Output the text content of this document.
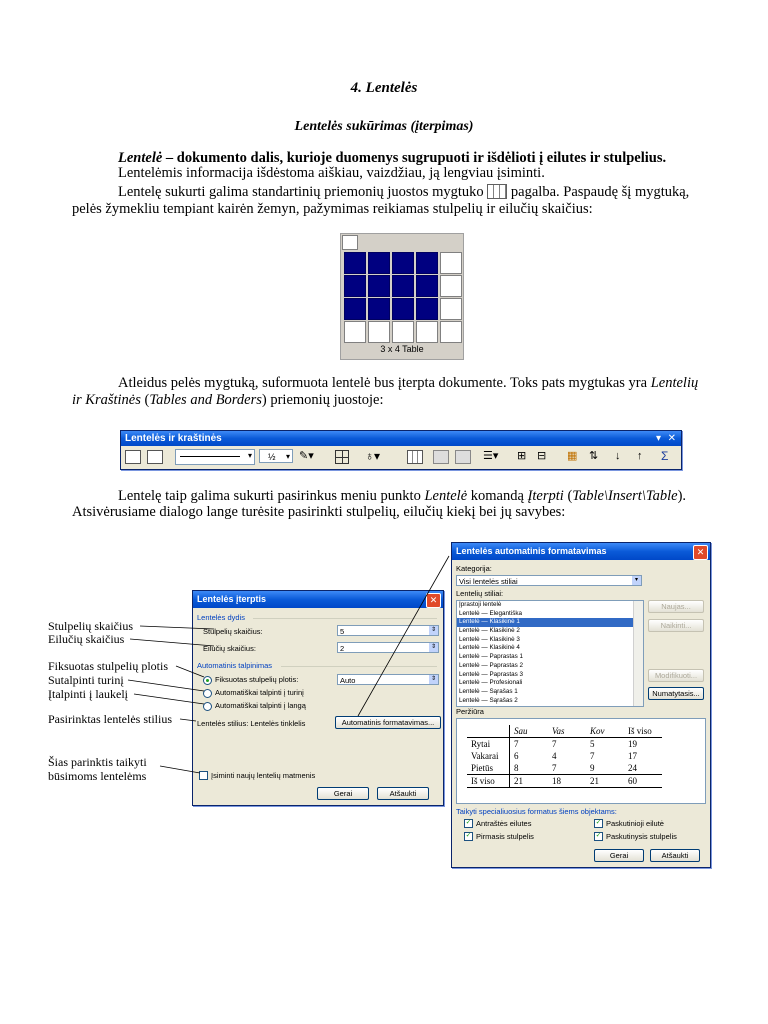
4. Lentelės
Lentelės sukūrimas (įterpimas)
Lentelė – dokumento dalis, kurioje duomenys sugrupuoti ir išdėlioti į eilutes ir stulpelius.
Lentelėmis informacija išdėstoma aiškiau, vaizdžiau, ją lengviau įsiminti.
Lentelę sukurti galima standartinių priemonių juostos mygtuko  pagalba. Paspaudę šį mygtuką,
pelės žymekliu tempiant kairėn žemyn, pažymimas reikiamas stulpelių ir eilučių skaičius:
3 x 4 Table
Atleidus pelės mygtuką, suformuota lentelė bus įterpta dokumente. Toks pats mygtukas yra Lentelių
ir Kraštinės (Tables and Borders) priemonių juostoje:
Lentelės ir kraštinės	▾ ✕
▾	½ ▾ ✎▾	♁▾	☰▾	⊞ ⊟	▦	⇅	↓	↑	Σ
Lentelę taip galima sukurti pasirinkus meniu punkto Lentelė komandą Įterpti (Table\Insert\Table).
Atsivėrusiame dialogo lange turėsite pasirinkti stulpelių, eilučių kiekį bei jų savybes:
Lentelės įterptis	✕
Lentelės dydis
Stulpelių skaičius:	5	⇕
Eilučių skaičius:	2	⇕
Automatinis talpinimas
Fiksuotas stulpelių plotis:	Auto	⇕
Automatiškai talpinti į turinį
Automatiškai talpinti į langą
Lentelės stilius: Lentelės tinklelis	Automatinis formatavimas...
Įsiminti naujų lentelių matmenis
Gerai	Atšaukti
Lentelės automatinis formatavimas	✕
Kategorija:
Visi lentelės stiliai	▾
Lentelių stiliai:
Įprastoji lentelė
Lentelė — Elegantiška
Lentelė — Klasikinė 1
Lentelė — Klasikinė 2
Lentelė — Klasikinė 3
Lentelė — Klasikinė 4
Lentelė — Paprastas 1
Lentelė — Paprastas 2
Lentelė — Paprastas 3
Lentelė — Profesionali
Lentelė — Sąrašas 1
Lentelė — Sąrašas 2
Naujas...
Naikinti...
Modifikuoti...
Numatytasis...
Peržiūra
	Sau	Vas	Kov	Iš viso
Rytai	7	7	5	19
Vakarai	6	4	7	17
Pietūs	8	7	9	24
Iš viso	21	18	21	60
Taikyti specialiuosius formatus šiems objektams:
✓ Antraštės eilutes
✓ Pirmasis stulpelis
✓ Paskutinioji eilutė
✓ Paskutinysis stulpelis
Gerai	Atšaukti
Stulpelių skaičius
Eilučių skaičius
Fiksuotas stulpelių plotis
Sutalpinti turinį
Įtalpinti į laukelį
Pasirinktas lentelės stilius
Šias parinktis taikyti
būsimoms lentelėms
